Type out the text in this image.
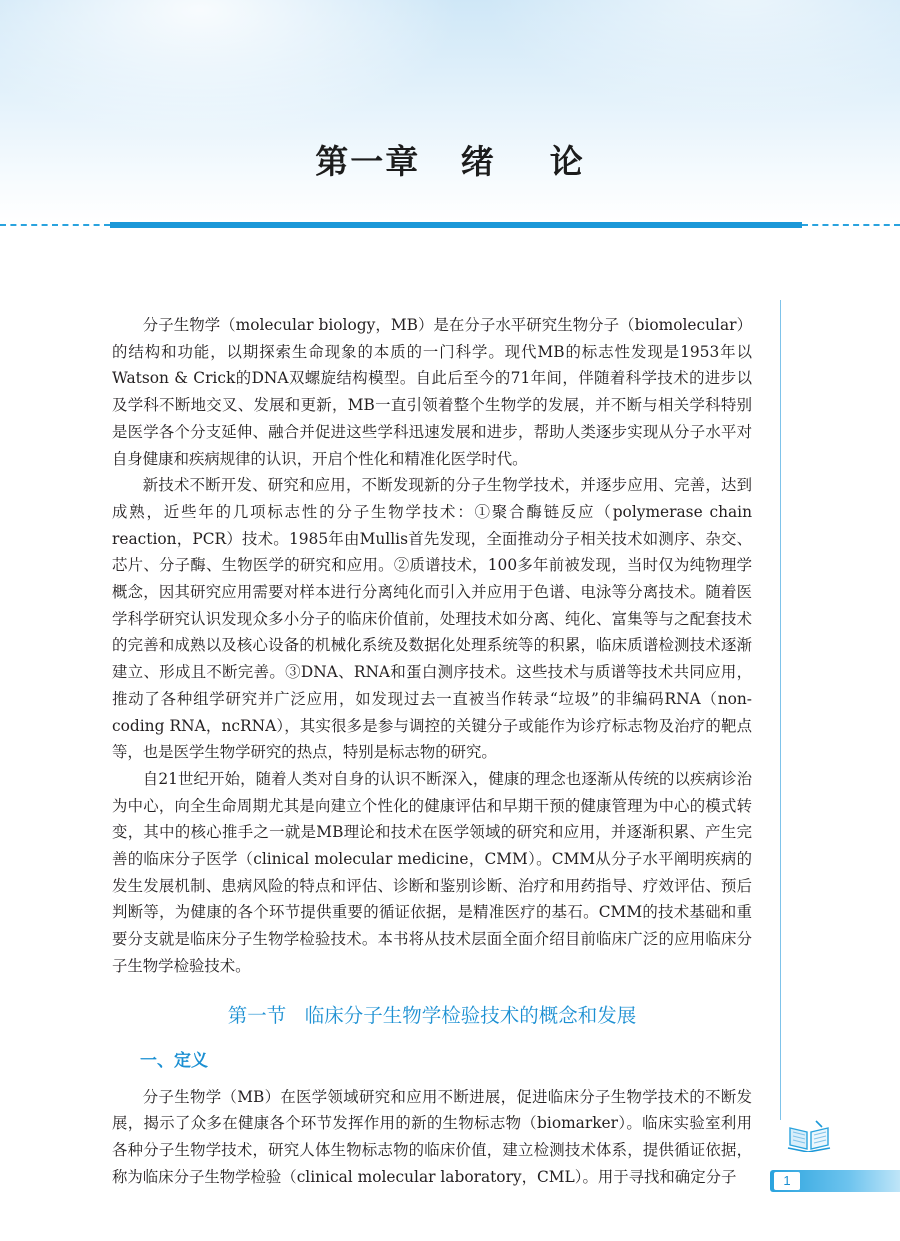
第一章   绪    论

分子生物学（molecular biology，MB）是在分子水平研究生物分子（biomolecular）的结构和功能，以期探索生命现象的本质的一门科学。现代MB的标志性发现是1953年以Watson & Crick的DNA双螺旋结构模型。自此后至今的71年间，伴随着科学技术的进步以及学科不断地交叉、发展和更新，MB一直引领着整个生物学的发展，并不断与相关学科特别是医学各个分支延伸、融合并促进这些学科迅速发展和进步，帮助人类逐步实现从分子水平对自身健康和疾病规律的认识，开启个性化和精准化医学时代。

新技术不断开发、研究和应用，不断发现新的分子生物学技术，并逐步应用、完善，达到成熟，近些年的几项标志性的分子生物学技术：①聚合酶链反应（polymerase chain reaction，PCR）技术。1985年由Mullis首先发现，全面推动分子相关技术如测序、杂交、芯片、分子酶、生物医学的研究和应用。②质谱技术，100多年前被发现，当时仅为纯物理学概念，因其研究应用需要对样本进行分离纯化而引入并应用于色谱、电泳等分离技术。随着医学科学研究认识发现众多小分子的临床价值前，处理技术如分离、纯化、富集等与之配套技术的完善和成熟以及核心设备的机械化系统及数据化处理系统等的积累，临床质谱检测技术逐渐建立、形成且不断完善。③DNA、RNA和蛋白测序技术。这些技术与质谱等技术共同应用，推动了各种组学研究并广泛应用，如发现过去一直被当作转录“垃圾”的非编码RNA（non-coding RNA，ncRNA），其实很多是参与调控的关键分子或能作为诊疗标志物及治疗的靶点等，也是医学生物学研究的热点，特别是标志物的研究。

自21世纪开始，随着人类对自身的认识不断深入，健康的理念也逐渐从传统的以疾病诊治为中心，向全生命周期尤其是向建立个性化的健康评估和早期干预的健康管理为中心的模式转变，其中的核心推手之一就是MB理论和技术在医学领域的研究和应用，并逐渐积累、产生完善的临床分子医学（clinical molecular medicine，CMM）。CMM从分子水平阐明疾病的发生发展机制、患病风险的特点和评估、诊断和鉴别诊断、治疗和用药指导、疗效评估、预后判断等，为健康的各个环节提供重要的循证依据，是精准医疗的基石。CMM的技术基础和重要分支就是临床分子生物学检验技术。本书将从技术层面全面介绍目前临床广泛的应用临床分子生物学检验技术。

第一节   临床分子生物学检验技术的概念和发展
一、定义

分子生物学（MB）在医学领域研究和应用不断进展，促进临床分子生物学技术的不断发展，揭示了众多在健康各个环节发挥作用的新的生物标志物（biomarker）。临床实验室利用各种分子生物学技术，研究人体生物标志物的临床价值，建立检测技术体系，提供循证依据，称为临床分子生物学检验（clinical molecular laboratory，CML）。用于寻找和确定分子	1
